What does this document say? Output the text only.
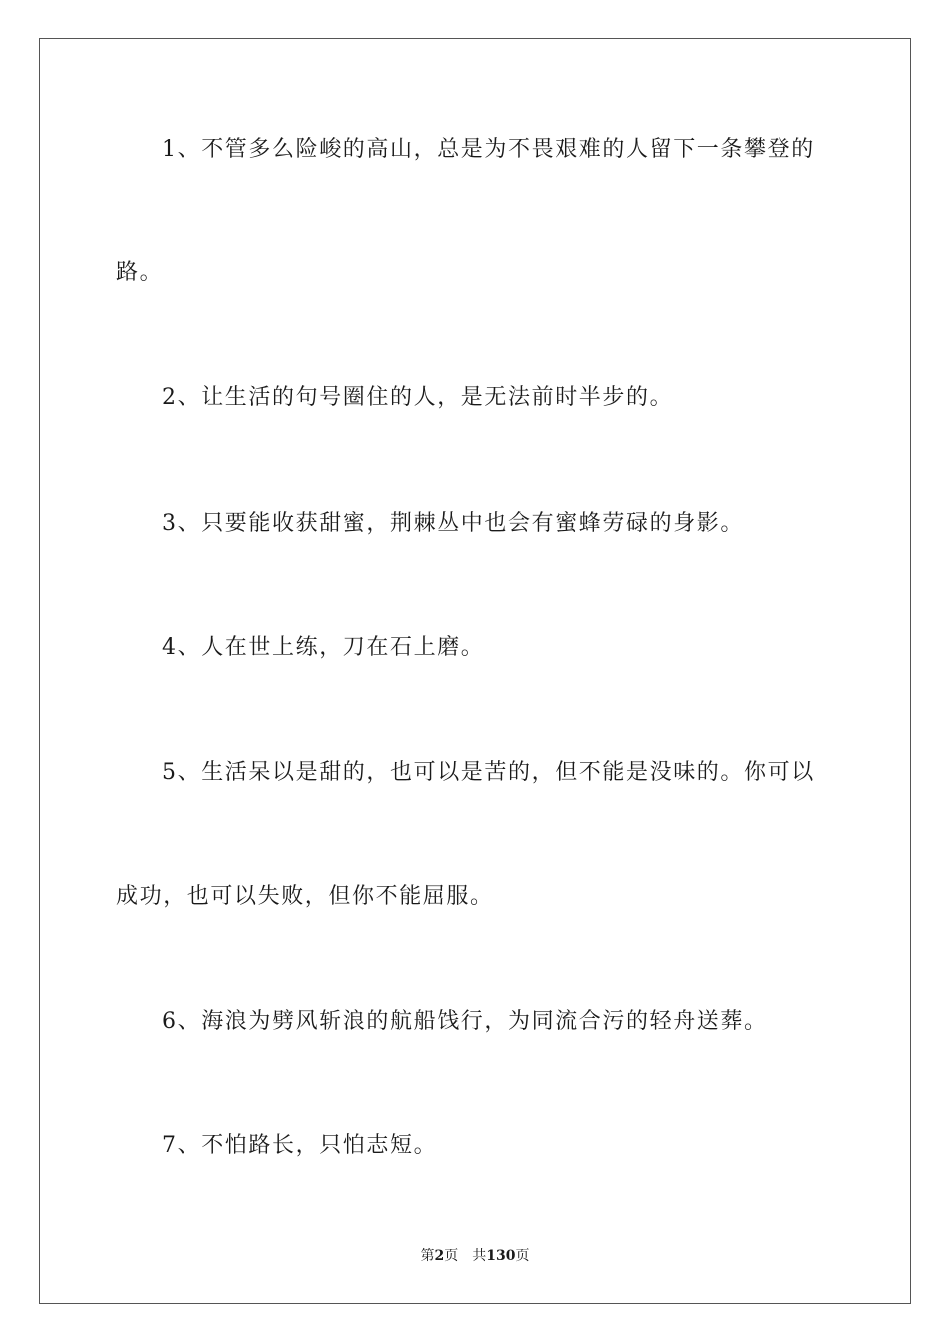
1、不管多么险峻的高山，总是为不畏艰难的人留下一条攀登的
路。
2、让生活的句号圈住的人，是无法前时半步的。
3、只要能收获甜蜜，荆棘丛中也会有蜜蜂劳碌的身影。
4、人在世上练，刀在石上磨。
5、生活呆以是甜的，也可以是苦的，但不能是没味的。你可以
成功，也可以失败，但你不能屈服。
6、海浪为劈风斩浪的航船饯行，为同流合污的轻舟送葬。
7、不怕路长，只怕志短。
第2页 共130页
